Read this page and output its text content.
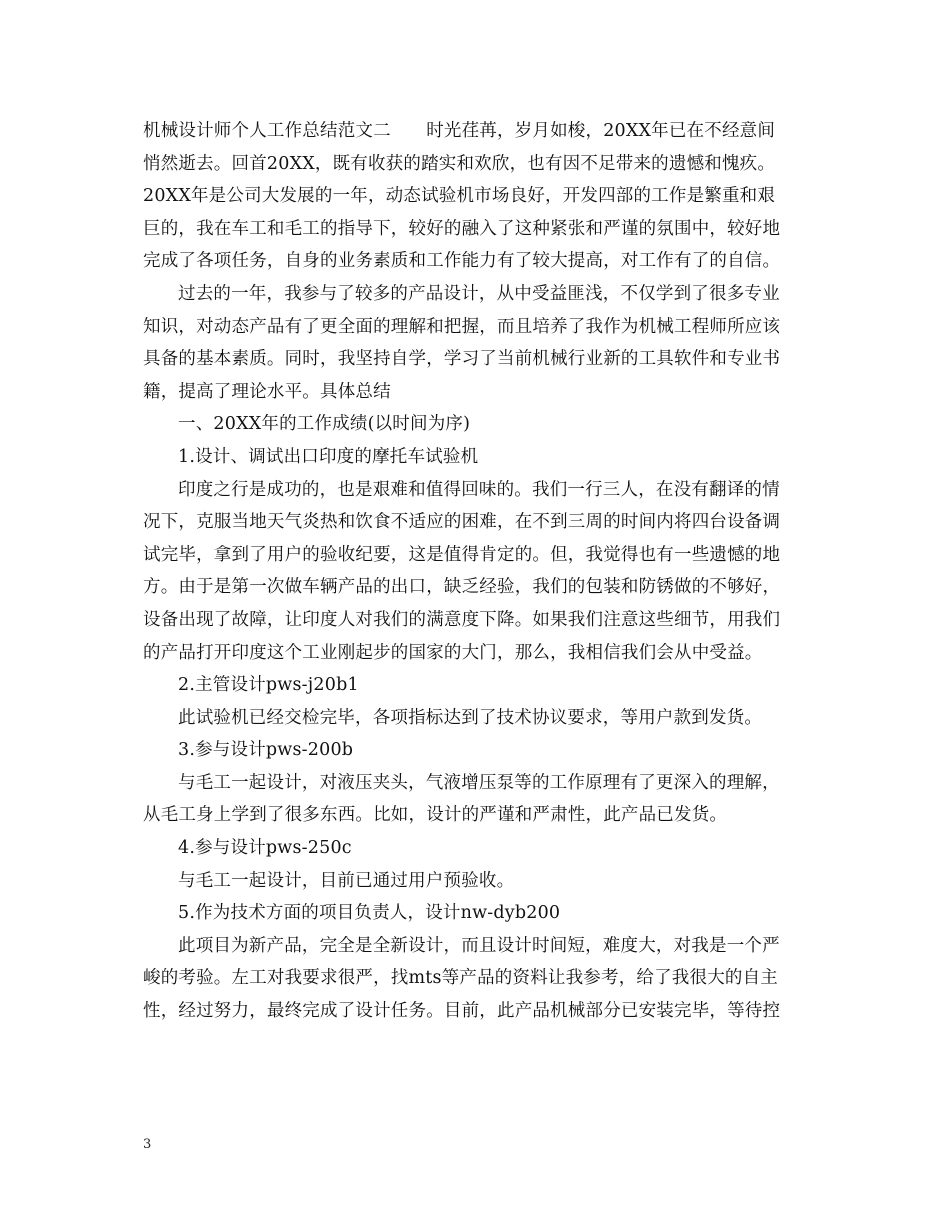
机械设计师个人工作总结范文二　　时光荏苒，岁月如梭，20XX年已在不经意间
悄然逝去。回首20XX，既有收获的踏实和欢欣，也有因不足带来的遗憾和愧疚。
20XX年是公司大发展的一年，动态试验机市场良好，开发四部的工作是繁重和艰
巨的，我在车工和毛工的指导下，较好的融入了这种紧张和严谨的氛围中，较好地
完成了各项任务，自身的业务素质和工作能力有了较大提高，对工作有了的自信。
过去的一年，我参与了较多的产品设计，从中受益匪浅，不仅学到了很多专业
知识，对动态产品有了更全面的理解和把握，而且培养了我作为机械工程师所应该
具备的基本素质。同时，我坚持自学，学习了当前机械行业新的工具软件和专业书
籍，提高了理论水平。具体总结
一、20XX年的工作成绩(以时间为序)
1.设计、调试出口印度的摩托车试验机
印度之行是成功的，也是艰难和值得回味的。我们一行三人，在没有翻译的情
况下，克服当地天气炎热和饮食不适应的困难，在不到三周的时间内将四台设备调
试完毕，拿到了用户的验收纪要，这是值得肯定的。但，我觉得也有一些遗憾的地
方。由于是第一次做车辆产品的出口，缺乏经验，我们的包装和防锈做的不够好，
设备出现了故障，让印度人对我们的满意度下降。如果我们注意这些细节，用我们
的产品打开印度这个工业刚起步的国家的大门，那么，我相信我们会从中受益。
2.主管设计pws-j20b1
此试验机已经交检完毕，各项指标达到了技术协议要求，等用户款到发货。
3.参与设计pws-200b
与毛工一起设计，对液压夹头，气液增压泵等的工作原理有了更深入的理解，
从毛工身上学到了很多东西。比如，设计的严谨和严肃性，此产品已发货。
4.参与设计pws-250c
与毛工一起设计，目前已通过用户预验收。
5.作为技术方面的项目负责人，设计nw-dyb200
此项目为新产品，完全是全新设计，而且设计时间短，难度大，对我是一个严
峻的考验。左工对我要求很严，找mts等产品的资料让我参考，给了我很大的自主
性，经过努力，最终完成了设计任务。目前，此产品机械部分已安装完毕，等待控
3
